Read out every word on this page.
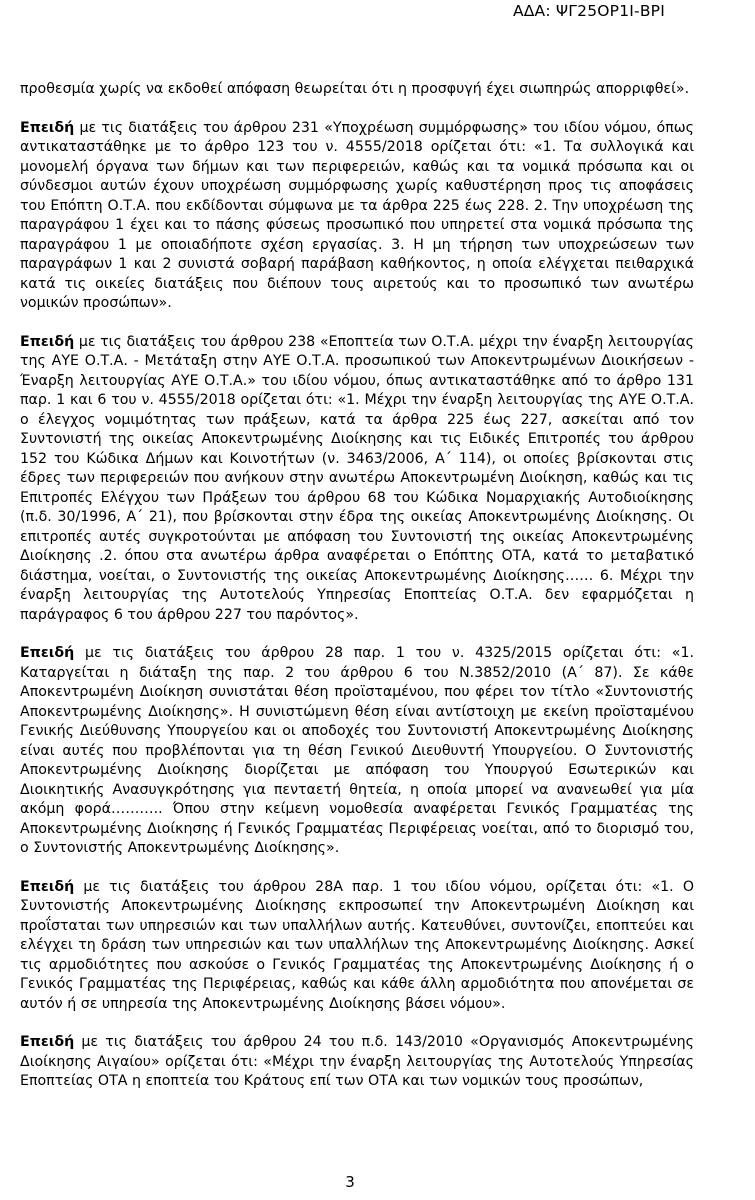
ΑΔΑ: ΨΓ25ΟΡ1Ι-ΒΡΙ

προθεσμία χωρίς να εκδοθεί απόφαση θεωρείται ότι η προσφυγή έχει σιωπηρώς απορριφθεί».

Επειδή με τις διατάξεις του άρθρου 231 «Υποχρέωση συμμόρφωσης» του ιδίου νόμου, όπως αντικαταστάθηκε με το άρθρο 123 του ν. 4555/2018 ορίζεται ότι: «1. Τα συλλογικά και μονομελή όργανα των δήμων και των περιφερειών, καθώς και τα νομικά πρόσωπα και οι σύνδεσμοι αυτών έχουν υποχρέωση συμμόρφωσης χωρίς καθυστέρηση προς τις αποφάσεις του Επόπτη Ο.Τ.Α. που εκδίδονται σύμφωνα με τα άρθρα 225 έως 228. 2. Την υποχρέωση της παραγράφου 1 έχει και το πάσης φύσεως προσωπικό που υπηρετεί στα νομικά πρόσωπα της παραγράφου 1 με οποιαδήποτε σχέση εργασίας. 3. Η μη τήρηση των υποχρεώσεων των παραγράφων 1 και 2 συνιστά σοβαρή παράβαση καθήκοντος, η οποία ελέγχεται πειθαρχικά κατά τις οικείες διατάξεις που διέπουν τους αιρετούς και το προσωπικό των ανωτέρω νομικών προσώπων».

Επειδή με τις διατάξεις του άρθρου 238 «Εποπτεία των Ο.Τ.Α. μέχρι την έναρξη λειτουργίας της ΑΥΕ Ο.Τ.Α. - Μετάταξη στην ΑΥΕ Ο.Τ.Α. προσωπικού των Αποκεντρωμένων Διοικήσεων - Έναρξη λειτουργίας ΑΥΕ Ο.Τ.Α.» του ιδίου νόμου, όπως αντικαταστάθηκε από το άρθρο 131 παρ. 1 και 6 του ν. 4555/2018 ορίζεται ότι: «1. Μέχρι την έναρξη λειτουργίας της ΑΥΕ Ο.Τ.Α. ο έλεγχος νομιμότητας των πράξεων, κατά τα άρθρα 225 έως 227, ασκείται από τον Συντονιστή της οικείας Αποκεντρωμένης Διοίκησης και τις Ειδικές Επιτροπές του άρθρου 152 του Κώδικα Δήμων και Κοινοτήτων (ν. 3463/2006, Α΄ 114), οι οποίες βρίσκονται στις έδρες των περιφερειών που ανήκουν στην ανωτέρω Αποκεντρωμένη Διοίκηση, καθώς και τις Επιτροπές Ελέγχου των Πράξεων του άρθρου 68 του Κώδικα Νομαρχιακής Αυτοδιοίκησης (π.δ. 30/1996, Α΄ 21), που βρίσκονται στην έδρα της οικείας Αποκεντρωμένης Διοίκησης. Οι επιτροπές αυτές συγκροτούνται με απόφαση του Συντονιστή της οικείας Αποκεντρωμένης Διοίκησης .2. όπου στα ανωτέρω άρθρα αναφέρεται ο Επόπτης ΟΤΑ, κατά το μεταβατικό διάστημα, νοείται, ο Συντονιστής της οικείας Αποκεντρωμένης Διοίκησης…… 6. Μέχρι την έναρξη λειτουργίας της Αυτοτελούς Υπηρεσίας Εποπτείας Ο.Τ.Α. δεν εφαρμόζεται η παράγραφος 6 του άρθρου 227 του παρόντος».

Επειδή με τις διατάξεις του άρθρου 28 παρ. 1 του ν. 4325/2015 ορίζεται ότι: «1. Καταργείται η διάταξη της παρ. 2 του άρθρου 6 του Ν.3852/2010 (Α΄ 87). Σε κάθε Αποκεντρωμένη Διοίκηση συνιστάται θέση προϊσταμένου, που φέρει τον τίτλο «Συντονιστής Αποκεντρωμένης Διοίκησης». Η συνιστώμενη θέση είναι αντίστοιχη με εκείνη προϊσταμένου Γενικής Διεύθυνσης Υπουργείου και οι αποδοχές του Συντονιστή Αποκεντρωμένης Διοίκησης είναι αυτές που προβλέπονται για τη θέση Γενικού Διευθυντή Υπουργείου. Ο Συντονιστής Αποκεντρωμένης Διοίκησης διορίζεται με απόφαση του Υπουργού Εσωτερικών και Διοικητικής Ανασυγκρότησης για πενταετή θητεία, η οποία μπορεί να ανανεωθεί για μία ακόμη φορά……….. Όπου στην κείμενη νομοθεσία αναφέρεται Γενικός Γραμματέας της Αποκεντρωμένης Διοίκησης ή Γενικός Γραμματέας Περιφέρειας νοείται, από το διορισμό του, ο Συντονιστής Αποκεντρωμένης Διοίκησης».

Επειδή με τις διατάξεις του άρθρου 28Α παρ. 1 του ιδίου νόμου, ορίζεται ότι: «1. Ο Συντονιστής Αποκεντρωμένης Διοίκησης εκπροσωπεί την Αποκεντρωμένη Διοίκηση και προΐσταται των υπηρεσιών και των υπαλλήλων αυτής. Κατευθύνει, συντονίζει, εποπτεύει και ελέγχει τη δράση των υπηρεσιών και των υπαλλήλων της Αποκεντρωμένης Διοίκησης. Ασκεί τις αρμοδιότητες που ασκούσε ο Γενικός Γραμματέας της Αποκεντρωμένης Διοίκησης ή ο Γενικός Γραμματέας της Περιφέρειας, καθώς και κάθε άλλη αρμοδιότητα που απονέμεται σε αυτόν ή σε υπηρεσία της Αποκεντρωμένης Διοίκησης βάσει νόμου».

Επειδή με τις διατάξεις του άρθρου 24 του π.δ. 143/2010 «Οργανισμός Αποκεντρωμένης Διοίκησης Αιγαίου» ορίζεται ότι: «Μέχρι την έναρξη λειτουργίας της Αυτοτελούς Υπηρεσίας Εποπτείας ΟΤΑ η εποπτεία του Κράτους επί των ΟΤΑ και των νομικών τους προσώπων,

3
